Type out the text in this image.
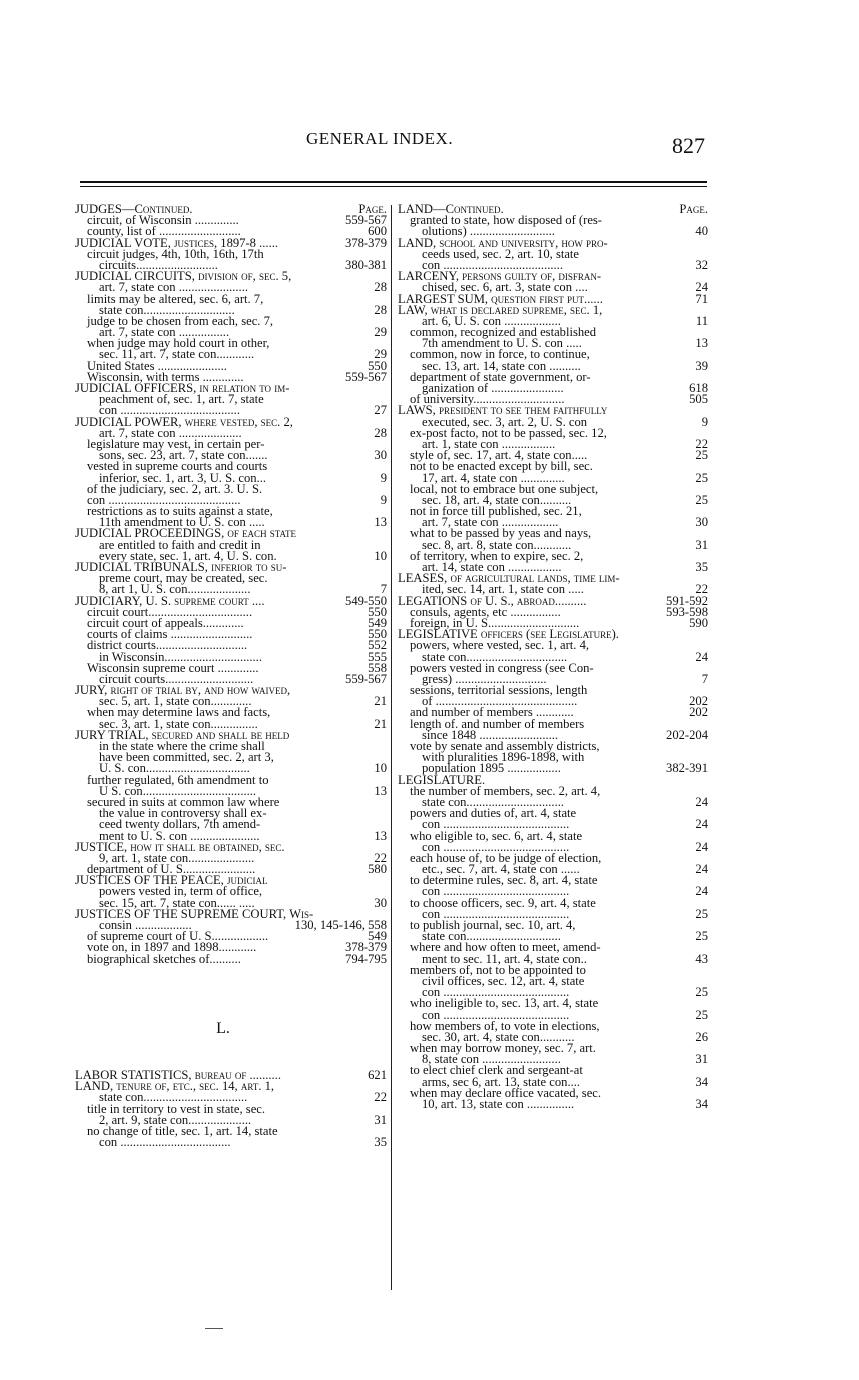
GENERAL INDEX.	827
JUDGES—Continued.	Page.
circuit, of Wisconsin ..............	559-567
county, list of ..........................	600
JUDICIAL VOTE, justices, 1897-8 ......	378-379
circuit judges, 4th, 10th, 16th, 17th
circuits..........................	380-381
JUDICIAL CIRCUITS, division of, sec. 5,
art. 7, state con ......................	28
limits may be altered, sec. 6, art. 7,
state con.............................	28
judge to be chosen from each, sec. 7,
art. 7, state con ................	29
when judge may hold court in other,
sec. 11, art. 7, state con............	29
United States ......................	550
Wisconsin, with terms .............	559-567
JUDICIAL OFFICERS, in relation to im-
peachment of, sec. 1, art. 7, state
con ......................................	27
JUDICIAL POWER, where vested, sec. 2,
art. 7, state con ....................	28
legislature may vest, in certain per-
sons, sec. 23, art. 7, state con.......	30
vested in supreme courts and courts
inferior, sec. 1, art. 3, U. S. con...	9
of the judiciary, sec. 2, art. 3. U. S.
con ..........................................	9
restrictions as to suits against a state,
11th amendment to U. S. con .....	13
JUDICIAL PROCEEDINGS, of each state
are entitled to faith and credit in
every state, sec. 1, art. 4, U. S. con.	10
JUDICIAL TRIBUNALS, inferior to su-
preme court, may be created, sec.
8, art 1, U. S. con....................	7
JUDICIARY, U. S. supreme court ....	549-550
circuit court.................................	550
circuit court of appeals.............	549
courts of claims ..........................	550
district courts.............................	552
in Wisconsin...............................	555
Wisconsin supreme court .............	558
circuit courts............................	559-567
JURY, right of trial by, and how waived,
sec. 5, art. 1, state con.............	21
when may determine laws and facts,
sec. 3, art. 1, state con...............	21
JURY TRIAL, secured and shall be held
in the state where the crime shall
have been committed, sec. 2, art 3,
U. S. con.................................	10
further regulated, 6th amendment to
U S. con....................................	13
secured in suits at common law where
the value in controversy shall ex-
ceed twenty dollars, 7th amend-
ment to U. S. con ......................	13
JUSTICE, how it shall be obtained, sec.
9, art. 1, state con.....................	22
department of U. S.......................	580
JUSTICES OF THE PEACE, judicial
powers vested in, term of office,
sec. 15, art. 7, state con...... .....	30
JUSTICES OF THE SUPREME COURT, Wis-
consin ..................	130, 145-146, 558
of supreme court of U. S..................	549
vote on, in 1897 and 1898............	378-379
biographical sketches of..........	794-795
L.
LABOR STATISTICS, bureau of ..........	621
LAND, tenure of, etc., sec. 14, art. 1,
state con.................................	22
title in territory to vest in state, sec.
2, art. 9, state con....................	31
no change of title, sec. 1, art. 14, state
con ...................................	35
LAND—Continued.	Page.
granted to state, how disposed of (res-
olutions) ...........................	40
LAND, school and university, how pro-
ceeds used, sec. 2, art. 10, state
con ......................................	32
LARCENY, persons guilty of, disfran-
chised, sec. 6, art. 3, state con ....	24
LARGEST SUM, question first put......	71
LAW, what is declared supreme, sec. 1,
art. 6, U. S. con ..................	11
common, recognized and established
7th amendment to U. S. con .....	13
common, now in force, to continue,
sec. 13, art. 14, state con ..........	39
department of state government, or-
ganization of .......................	618
of university.............................	505
LAWS, president to see them faithfully
executed, sec. 3, art. 2, U. S. con	9
ex-post facto, not to be passed, sec. 12,
art. 1, state con .................	22
style of, sec. 17, art. 4, state con.....	25
not to be enacted except by bill, sec.
17, art. 4, state con ..............	25
local, not to embrace but one subject,
sec. 18, art. 4, state con..........	25
not in force till published, sec. 21,
art. 7, state con ..................	30
what to be passed by yeas and nays,
sec. 8, art. 8, state con............	31
of territory, when to expire, sec. 2,
art. 14, state con .................	35
LEASES, of agricultural lands, time lim-
ited, sec. 14, art. 1, state con .....	22
LEGATIONS of U. S., abroad..........	591-592
consuls, agents, etc ................	593-598
foreign, in U. S.............................	590
LEGISLATIVE officers (see Legislature).
powers, where vested, sec. 1, art. 4,
state con................................	24
powers vested in congress (see Con-
gress) .............................	7
sessions, territorial sessions, length
of .............................................	202
and number of members ............	202
length of. and number of members
since 1848 .........................	202-204
vote by senate and assembly districts,
with pluralities 1896-1898, with
population 1895 .................	382-391
LEGISLATURE.
the number of members, sec. 2, art. 4,
state con...............................	24
powers and duties of, art. 4, state
con ........................................	24
who eligible to, sec. 6, art. 4, state
con ........................................	24
each house of, to be judge of election,
etc., sec. 7, art. 4, state con ......	24
to determine rules, sec. 8, art. 4, state
con ........................................	24
to choose officers, sec. 9, art. 4, state
con ........................................	25
to publish journal, sec. 10, art. 4,
state con..............................	25
where and how often to meet, amend-
ment to sec. 11, art. 4, state con..	43
members of, not to be appointed to
civil offices, sec. 12, art. 4, state
con ........................................	25
who ineligible to, sec. 13, art. 4, state
con ........................................	25
how members of, to vote in elections,
sec. 30, art. 4, state con...........	26
when may borrow money, sec. 7, art.
8, state con .........................	31
to elect chief clerk and sergeant-at
arms, sec 6, art. 13, state con....	34
when may declare office vacated, sec.
10, art. 13, state con ...............	34
